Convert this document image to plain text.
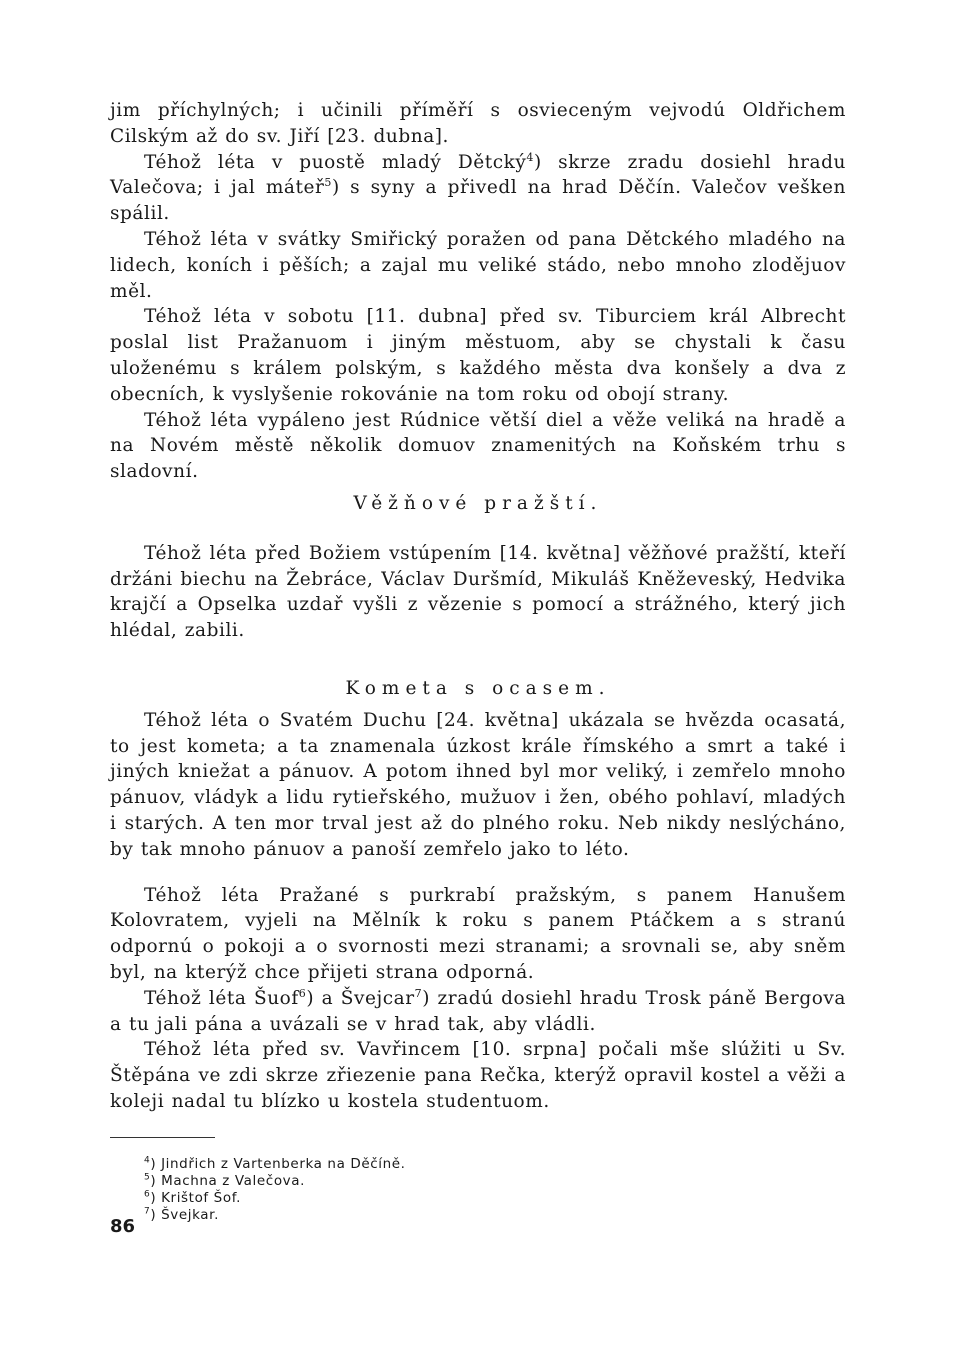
jim příchylných; i učinili příměří s osvieceným vejvodú Oldřichem Cilským až do sv. Jiří [23. dubna].

Téhož léta v puostě mladý Dětcký$^4$) skrze zradu dosiehl hradu Valečova; i jal máteř$^5$) s syny a přivedl na hrad Děčín. Valečov vešken spálil.

Téhož léta v svátky Smiřický poražen od pana Dětckého mladého na lidech, koních i pěších; a zajal mu veliké stádo, nebo mnoho zlodějuov měl.

Téhož léta v sobotu [11. dubna] před sv. Tiburciem král Albrecht poslal list Pražanuom i jiným městuom, aby se chystali k času uloženému s králem polským, s každého města dva konšely a dva z obecních, k vyslyšenie rokovánie na tom roku od obojí strany.

Téhož léta vypáleno jest Rúdnice větší diel a věže veliká na hradě a na Novém městě několik domuov znamenitých na Koňském trhu s sladovní.

Věžňové pražští.

Téhož léta před Božiem vstúpením [14. května] věžňové pražští, kteří držáni biechu na Žebráce, Václav Duršmíd, Mikuláš Kněževeský, Hedvika krajčí a Opselka uzdař vyšli z vězenie s pomocí a strážného, který jich hlédal, zabili.

Kometa s ocasem.

Téhož léta o Svatém Duchu [24. května] ukázala se hvězda ocasatá, to jest kometa; a ta znamenala úzkost krále římského a smrt a také i jiných kniežat a pánuov. A potom ihned byl mor veliký, i zemřelo mnoho pánuov, vládyk a lidu rytieřského, mužuov i žen, obého pohlaví, mladých i starých. A ten mor trval jest až do plného roku. Neb nikdy neslýcháno, by tak mnoho pánuov a panoší zemřelo jako to léto.

Téhož léta Pražané s purkrabí pražským, s panem Hanušem Kolovratem, vyjeli na Mělník k roku s panem Ptáčkem a s stranú odpornú o pokoji a o svornosti mezi stranami; a srovnali se, aby sněm byl, na kterýž chce přijeti strana odporná.

Téhož léta Šuof$^6$) a Švejcar$^7$) zradú dosiehl hradu Trosk páně Bergova a tu jali pána a uvázali se v hrad tak, aby vládli.

Téhož léta před sv. Vavřincem [10. srpna] počali mše slúžiti u Sv. Štěpána ve zdi skrze zřiezenie pana Rečka, kterýž opravil kostel a věži a koleji nadal tu blízko u kostela studentuom.

$^4$) Jindřich z Vartenberka na Děčíně.

$^5$) Machna z Valečova.

$^6$) Krištof Šof.

$^7$) Švejkar.

86
